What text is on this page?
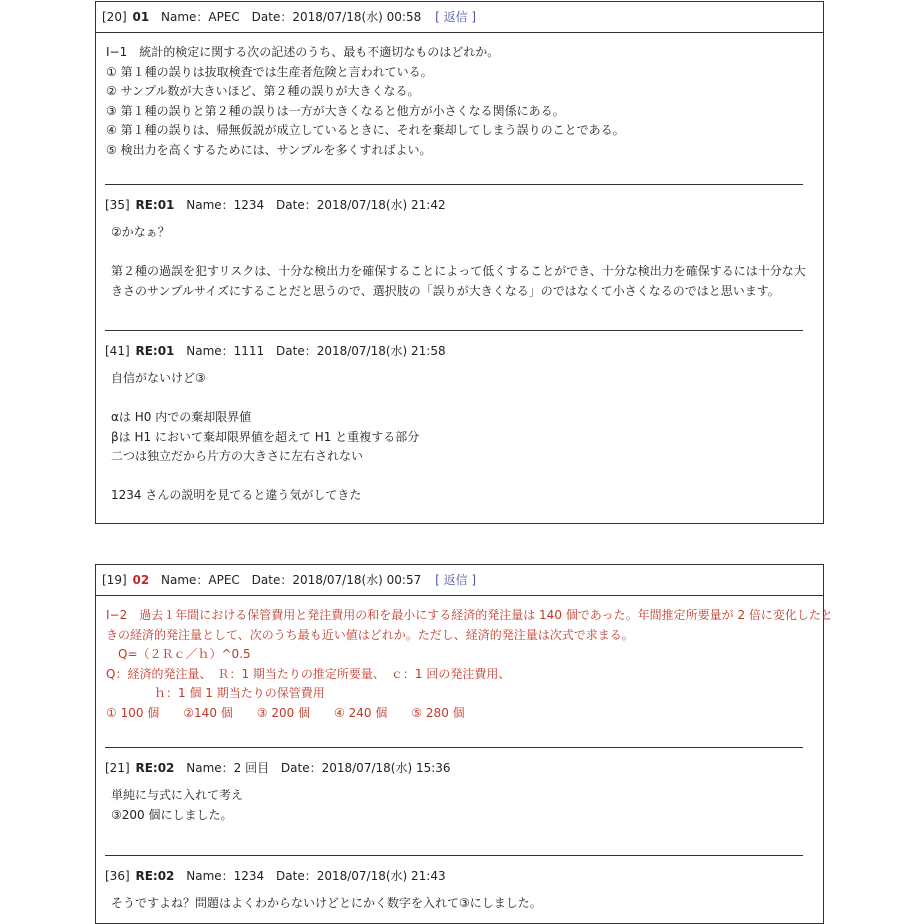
[20] 01 Name：APEC Date：2018/07/18(水) 00:58 [ 返信 ]
Ⅰ−1　統計的検定に関する次の記述のうち、最も不適切なものはどれか。
① 第１種の誤りは抜取検査では生産者危険と言われている。
② サンプル数が大きいほど、第２種の誤りが大きくなる。
③ 第１種の誤りと第２種の誤りは一方が大きくなると他方が小さくなる関係にある。
④ 第１種の誤りは、帰無仮説が成立しているときに、それを棄却してしまう誤りのことである。
⑤ 検出力を高くするためには、サンプルを多くすればよい。
[35] RE:01 Name：1234 Date：2018/07/18(水) 21:42
②かなぁ？
第２種の過誤を犯すリスクは、十分な検出力を確保することによって低くすることができ、十分な検出力を確保するには十分な大
きさのサンプルサイズにすることだと思うので、選択肢の「誤りが大きくなる」のではなくて小さくなるのではと思います。
[41] RE:01 Name：1111 Date：2018/07/18(水) 21:58
自信がないけど③
αは H0 内での棄却限界値
βは H1 において棄却限界値を超えて H1 と重複する部分
二つは独立だから片方の大きさに左右されない
1234 さんの説明を見てると違う気がしてきた
[19] 02 Name：APEC Date：2018/07/18(水) 00:57 [ 返信 ]
Ⅰ−2　過去１年間における保管費用と発注費用の和を最小にする経済的発注量は 140 個であった。年間推定所要量が 2 倍に変化したと
きの経済的発注量として、次のうち最も近い値はどれか。ただし、経済的発注量は次式で求まる。
　Q=（２Ｒｃ／ｈ）^0.5
Q：経済的発注量、　Ｒ：1 期当たりの推定所要量、　ｃ：1 回の発注費用、
　　　　ｈ：1 個 1 期当たりの保管費用
① 100 個　　②140 個　　③ 200 個　　④ 240 個　　⑤ 280 個
[21] RE:02 Name：2 回目 Date：2018/07/18(水) 15:36
単純に与式に入れて考え
③200 個にしました。
[36] RE:02 Name：1234 Date：2018/07/18(水) 21:43
そうですよね？問題はよくわからないけどとにかく数字を入れて③にしました。
